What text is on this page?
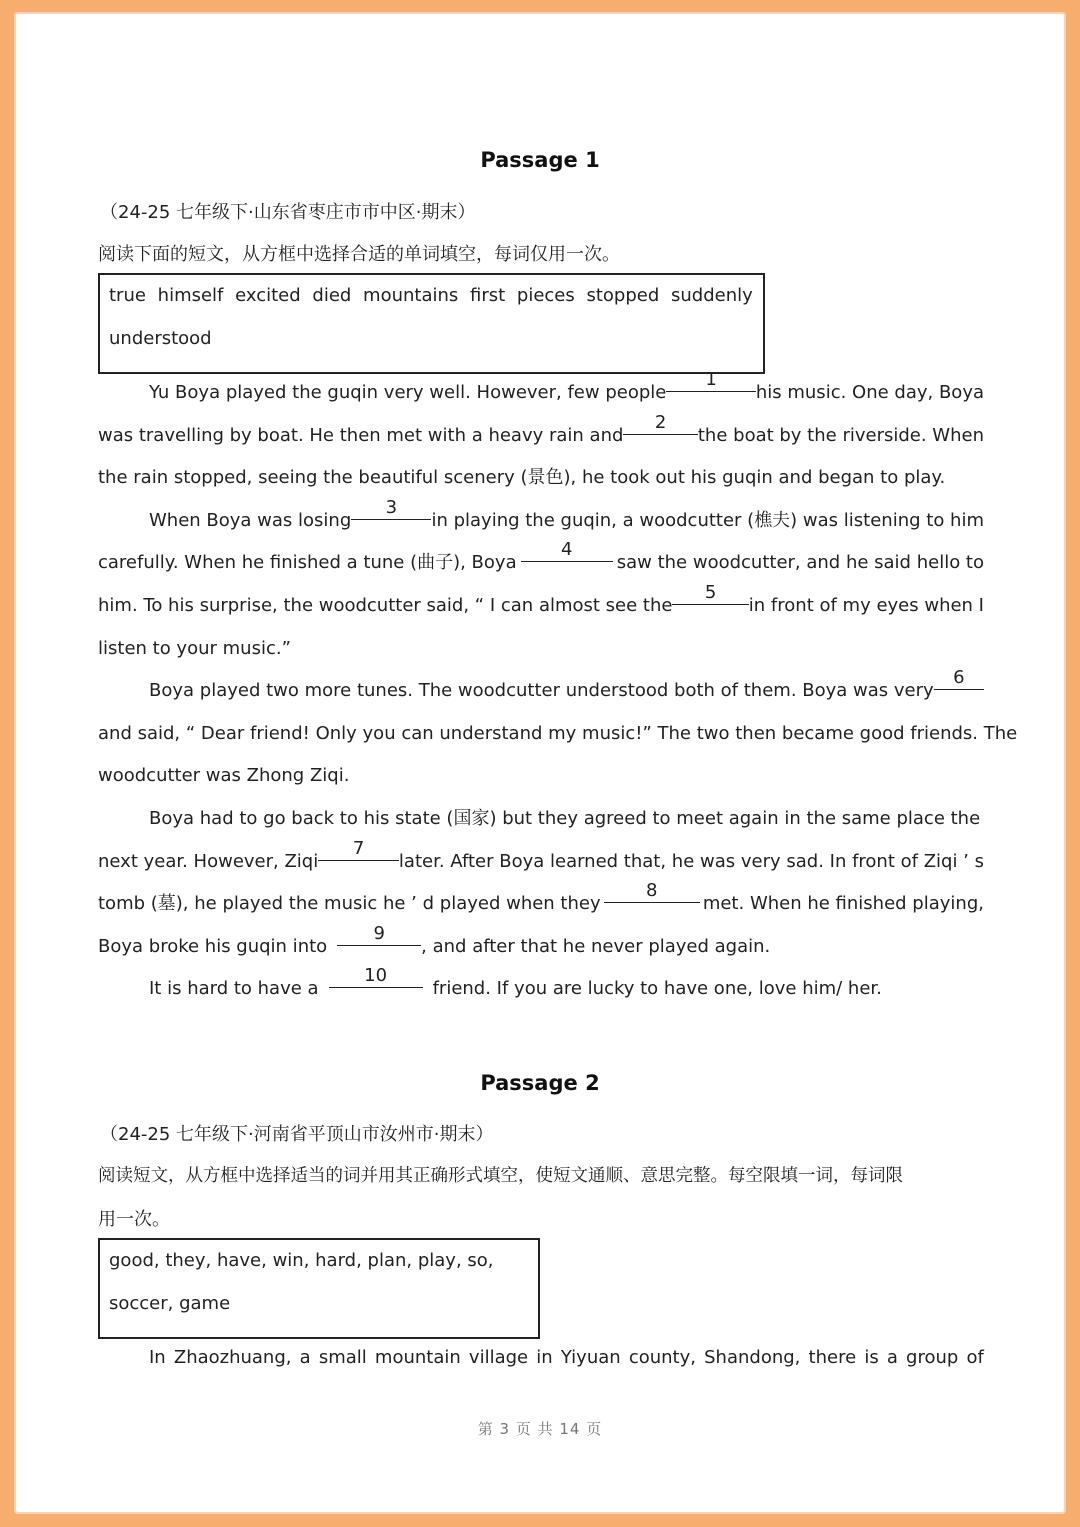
Passage 1
（24-25 七年级下·山东省枣庄市市中区·期末）
阅读下面的短文，从方框中选择合适的单词填空，每词仅用一次。
true himself excited died mountains first pieces stopped suddenly
understood
Yu Boya played the guqin very well. However, few people
1
his music. One day, Boya
was travelling by boat. He then met with a heavy rain and
2
the boat by the riverside. When
the rain stopped, seeing the beautiful scenery (景色), he took out his guqin and began to play.
When Boya was losing
3
in playing the guqin, a woodcutter (樵夫) was listening to him
carefully. When he finished a tune (曲子), Boya
4
saw the woodcutter, and he said hello to
him. To his surprise, the woodcutter said, “ I can almost see the
5
in front of my eyes when I
listen to your music.”
Boya played two more tunes. The woodcutter understood both of them. Boya was very
6
and said, “ Dear friend! Only you can understand my music!” The two then became good friends. The
woodcutter was Zhong Ziqi.
Boya had to go back to his state (国家) but they agreed to meet again in the same place the
next year. However, Ziqi
7
later. After Boya learned that, he was very sad. In front of Ziqi ’ s
tomb (墓), he played the music he ’ d played when they
8
met. When he finished playing,
Boya broke his guqin into
9
, and after that he never played again.
It is hard to have a
10
friend. If you are lucky to have one, love him/ her.
Passage 2
（24-25 七年级下·河南省平顶山市汝州市·期末）
阅读短文，从方框中选择适当的词并用其正确形式填空，使短文通顺、意思完整。每空限填一词，每词限
用一次。
good, they, have, win, hard, plan, play, so,
soccer, game
In Zhaozhuang, a small mountain village in Yiyuan county, Shandong, there is a group of
第 3 页 共 14 页
